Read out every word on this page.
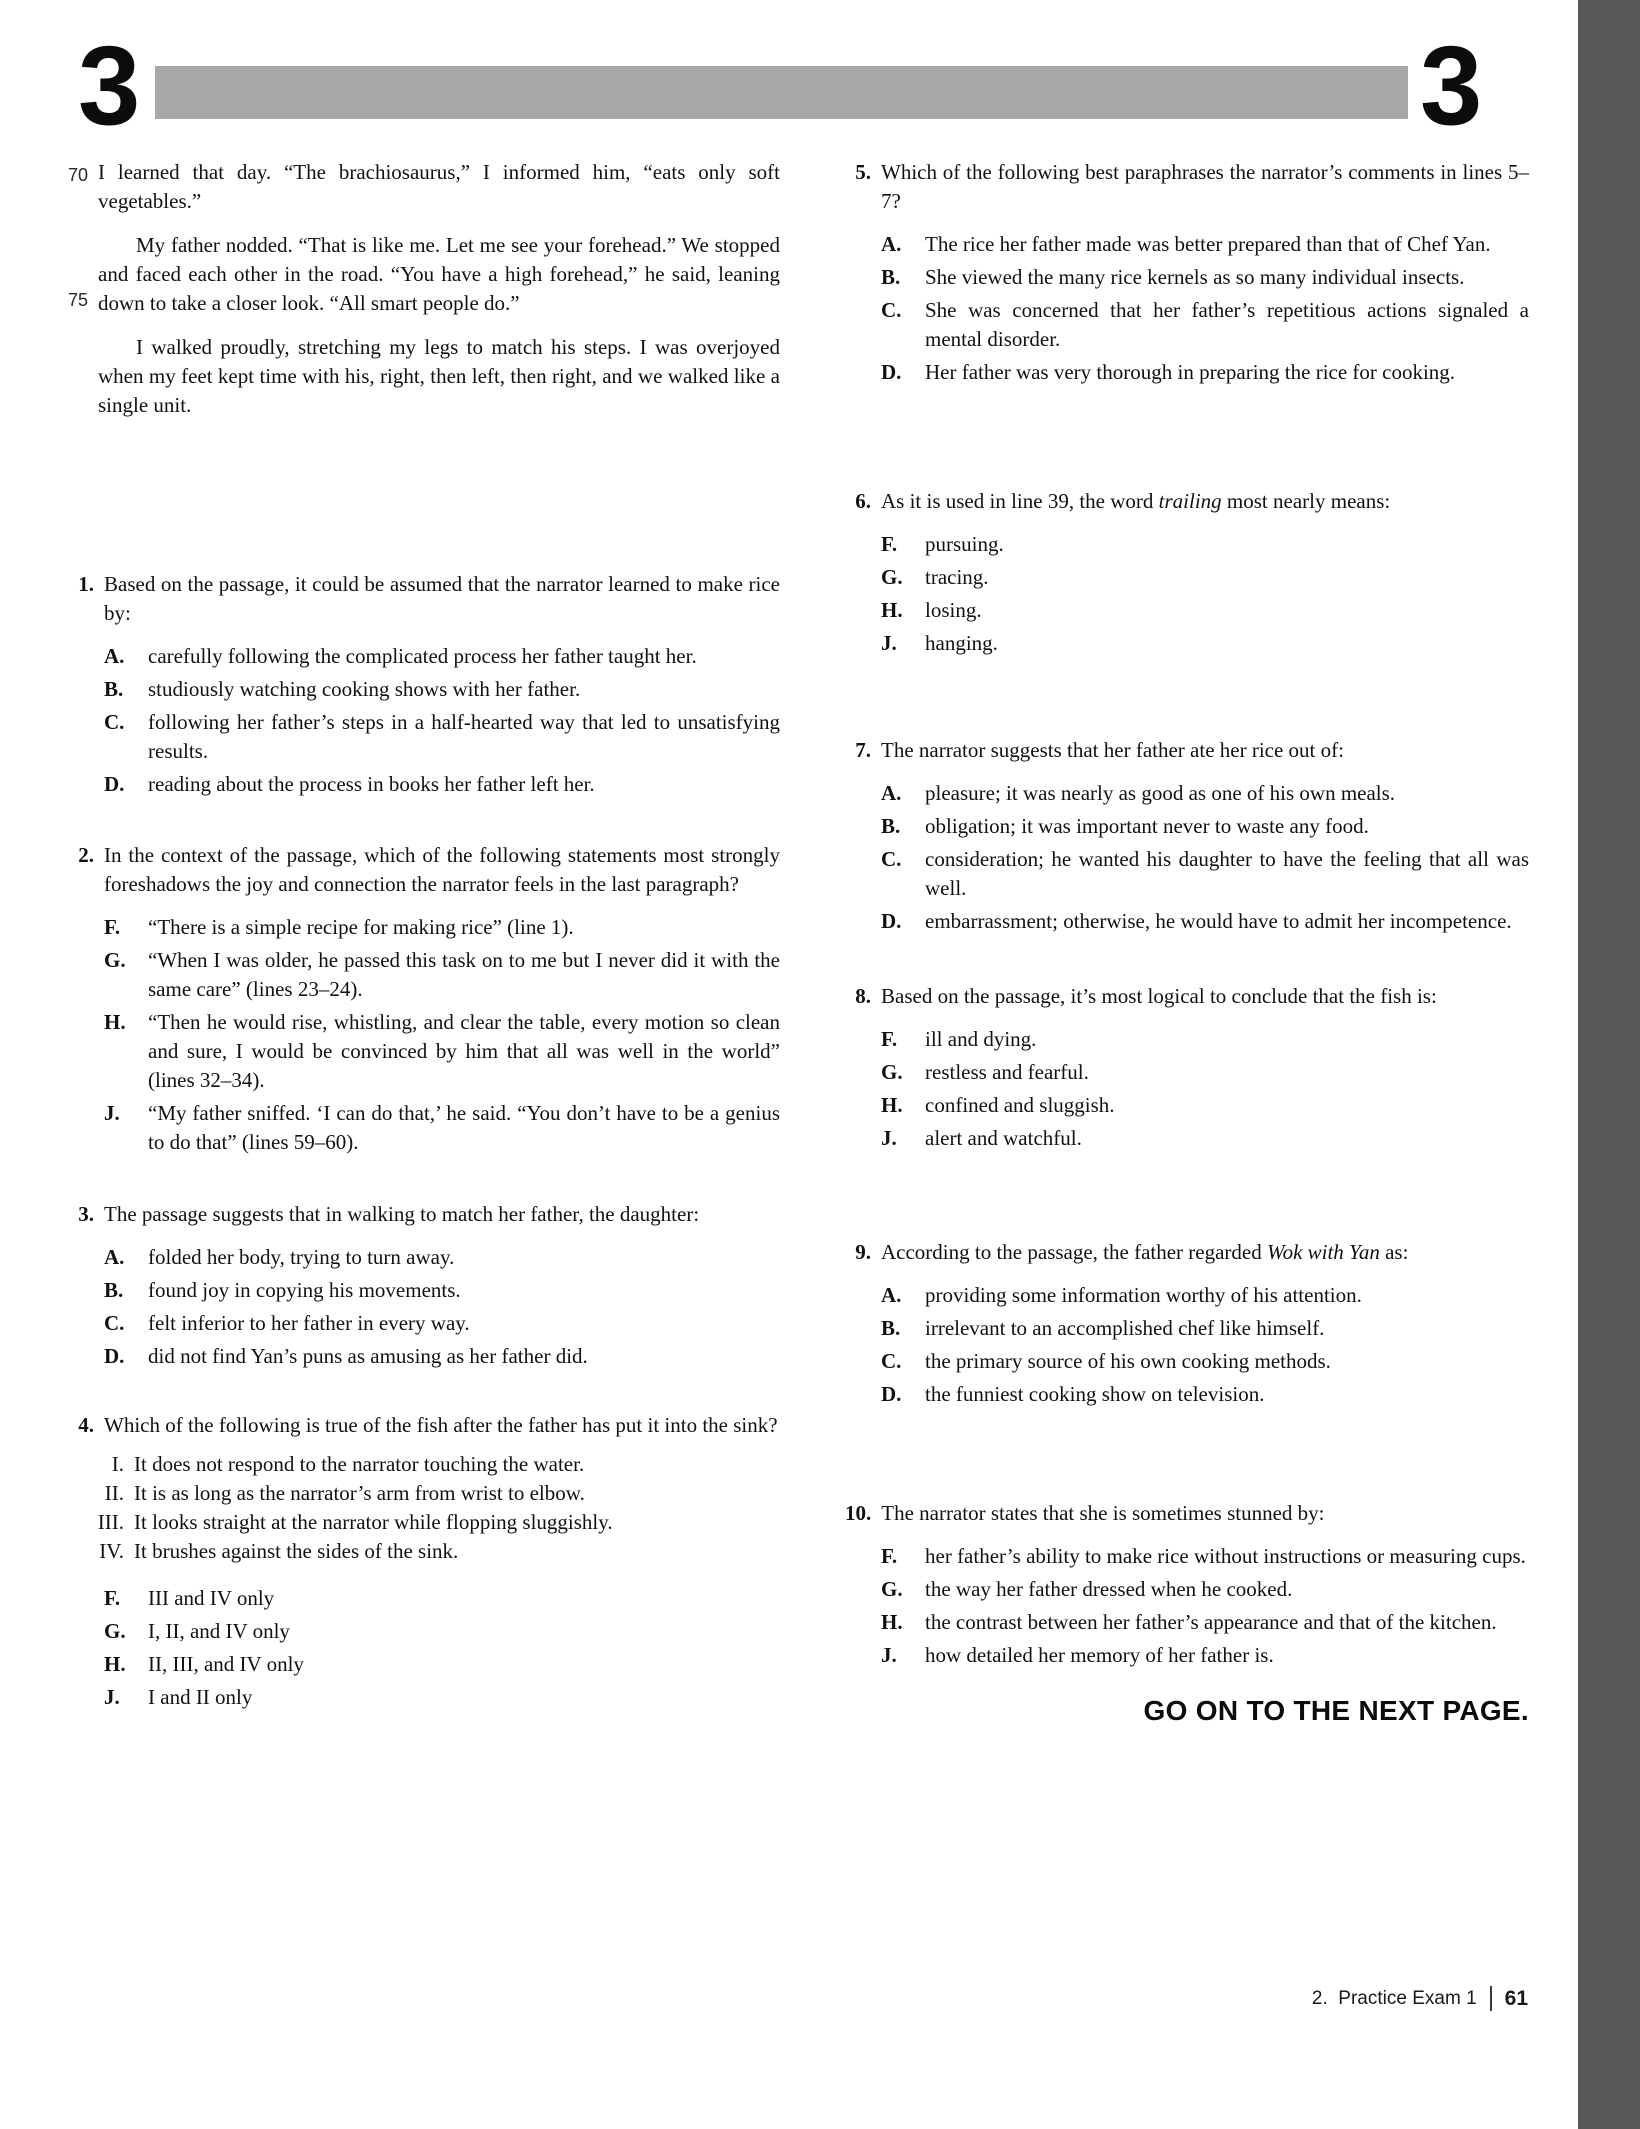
3	3
70 I learned that day. “The brachiosaurus,” I informed him, “eats only soft vegetables.”

75

My father nodded. “That is like me. Let me see your forehead.” We stopped and faced each other in the road. “You have a high forehead,” he said, leaning down to take a closer look. “All smart people do.”

I walked proudly, stretching my legs to match his steps. I was overjoyed when my feet kept time with his, right, then left, then right, and we walked like a single unit.

1. Based on the passage, it could be assumed that the narrator learned to make rice by:
A.	carefully following the complicated process her father taught her.
B.	studiously watching cooking shows with her father.
C.	following her father’s steps in a half-hearted way that led to unsatisfying results.
D.	reading about the process in books her father left her.
2. In the context of the passage, which of the following statements most strongly foreshadows the joy and connection the narrator feels in the last paragraph?
F.	“There is a simple recipe for making rice” (line 1).
G.	“When I was older, he passed this task on to me but I never did it with the same care” (lines 23–24).
H.	“Then he would rise, whistling, and clear the table, every motion so clean and sure, I would be convinced by him that all was well in the world” (lines 32–34).
J.	“My father sniffed. ‘I can do that,’ he said. “You don’t have to be a genius to do that” (lines 59–60).
3. The passage suggests that in walking to match her father, the daughter:
A.	folded her body, trying to turn away.
B.	found joy in copying his movements.
C.	felt inferior to her father in every way.
D.	did not find Yan’s puns as amusing as her father did.
4. Which of the following is true of the fish after the father has put it into the sink?
I. It does not respond to the narrator touching the water.
II. It is as long as the narrator’s arm from wrist to elbow.
III. It looks straight at the narrator while flopping sluggishly.
IV. It brushes against the sides of the sink.
F.	III and IV only
G.	I, II, and IV only
H.	II, III, and IV only
J.	I and II only
5. Which of the following best paraphrases the narrator’s comments in lines 5–7?
A.	The rice her father made was better prepared than that of Chef Yan.
B.	She viewed the many rice kernels as so many individual insects.
C.	She was concerned that her father’s repetitious actions signaled a mental disorder.
D.	Her father was very thorough in preparing the rice for cooking.
6. As it is used in line 39, the word trailing most nearly means:
F.	pursuing.
G.	tracing.
H.	losing.
J.	hanging.
7. The narrator suggests that her father ate her rice out of:
A.	pleasure; it was nearly as good as one of his own meals.
B.	obligation; it was important never to waste any food.
C.	consideration; he wanted his daughter to have the feeling that all was well.
D.	embarrassment; otherwise, he would have to admit her incompetence.
8. Based on the passage, it’s most logical to conclude that the fish is:
F.	ill and dying.
G.	restless and fearful.
H.	confined and sluggish.
J.	alert and watchful.
9. According to the passage, the father regarded Wok with Yan as:
A.	providing some information worthy of his attention.
B.	irrelevant to an accomplished chef like himself.
C.	the primary source of his own cooking methods.
D.	the funniest cooking show on television.
10. The narrator states that she is sometimes stunned by:
F.	her father’s ability to make rice without instructions or measuring cups.
G.	the way her father dressed when he cooked.
H.	the contrast between her father’s appearance and that of the kitchen.
J.	how detailed her memory of her father is.
GO ON TO THE NEXT PAGE.
2.  Practice Exam 1 61
